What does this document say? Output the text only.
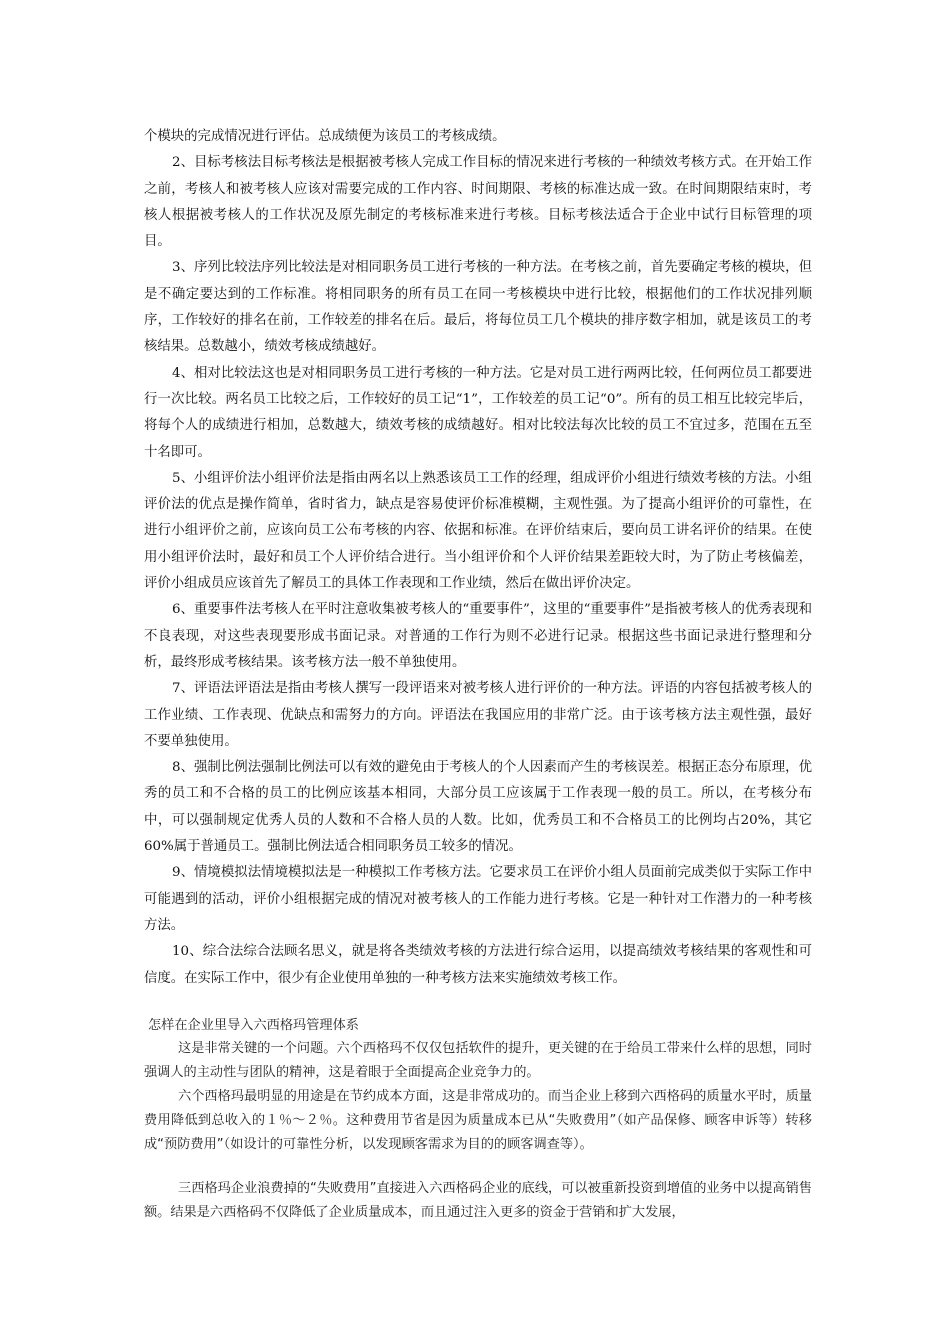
个模块的完成情况进行评估。总成绩便为该员工的考核成绩。

2、目标考核法目标考核法是根据被考核人完成工作目标的情况来进行考核的一种绩效考核方式。在开始工作之前，考核人和被考核人应该对需要完成的工作内容、时间期限、考核的标准达成一致。在时间期限结束时，考核人根据被考核人的工作状况及原先制定的考核标准来进行考核。目标考核法适合于企业中试行目标管理的项目。

3、序列比较法序列比较法是对相同职务员工进行考核的一种方法。在考核之前，首先要确定考核的模块，但是不确定要达到的工作标准。将相同职务的所有员工在同一考核模块中进行比较，根据他们的工作状况排列顺序，工作较好的排名在前，工作较差的排名在后。最后，将每位员工几个模块的排序数字相加，就是该员工的考核结果。总数越小，绩效考核成绩越好。

4、相对比较法这也是对相同职务员工进行考核的一种方法。它是对员工进行两两比较，任何两位员工都要进行一次比较。两名员工比较之后，工作较好的员工记“1”，工作较差的员工记“0”。所有的员工相互比较完毕后，将每个人的成绩进行相加，总数越大，绩效考核的成绩越好。相对比较法每次比较的员工不宜过多，范围在五至十名即可。

5、小组评价法小组评价法是指由两名以上熟悉该员工工作的经理，组成评价小组进行绩效考核的方法。小组评价法的优点是操作简单，省时省力，缺点是容易使评价标准模糊，主观性强。为了提高小组评价的可靠性，在进行小组评价之前，应该向员工公布考核的内容、依据和标准。在评价结束后，要向员工讲名评价的结果。在使用小组评价法时，最好和员工个人评价结合进行。当小组评价和个人评价结果差距较大时，为了防止考核偏差，评价小组成员应该首先了解员工的具体工作表现和工作业绩，然后在做出评价决定。

6、重要事件法考核人在平时注意收集被考核人的“重要事件”，这里的“重要事件”是指被考核人的优秀表现和不良表现，对这些表现要形成书面记录。对普通的工作行为则不必进行记录。根据这些书面记录进行整理和分析，最终形成考核结果。该考核方法一般不单独使用。

7、评语法评语法是指由考核人撰写一段评语来对被考核人进行评价的一种方法。评语的内容包括被考核人的工作业绩、工作表现、优缺点和需努力的方向。评语法在我国应用的非常广泛。由于该考核方法主观性强，最好不要单独使用。

8、强制比例法强制比例法可以有效的避免由于考核人的个人因素而产生的考核误差。根据正态分布原理，优秀的员工和不合格的员工的比例应该基本相同，大部分员工应该属于工作表现一般的员工。所以，在考核分布中，可以强制规定优秀人员的人数和不合格人员的人数。比如，优秀员工和不合格员工的比例均占20%，其它60%属于普通员工。强制比例法适合相同职务员工较多的情况。

9、情境模拟法情境模拟法是一种模拟工作考核方法。它要求员工在评价小组人员面前完成类似于实际工作中可能遇到的活动，评价小组根据完成的情况对被考核人的工作能力进行考核。它是一种针对工作潜力的一种考核方法。

10、综合法综合法顾名思义，就是将各类绩效考核的方法进行综合运用，以提高绩效考核结果的客观性和可信度。在实际工作中，很少有企业使用单独的一种考核方法来实施绩效考核工作。

怎样在企业里导入六西格玛管理体系

这是非常关键的一个问题。六个西格玛不仅仅包括软件的提升，更关键的在于给员工带来什么样的思想，同时强调人的主动性与团队的精神，这是着眼于全面提高企业竞争力的。

六个西格玛最明显的用途是在节约成本方面，这是非常成功的。而当企业上移到六西格码的质量水平时，质量费用降低到总收入的１％～２％。这种费用节省是因为质量成本已从“失败费用”（如产品保修、顾客申诉等）转移成“预防费用”（如设计的可靠性分析，以发现顾客需求为目的的顾客调查等）。

三西格玛企业浪费掉的“失败费用”直接进入六西格码企业的底线，可以被重新投资到增值的业务中以提高销售额。结果是六西格码不仅降低了企业质量成本，而且通过注入更多的资金于营销和扩大发展，
